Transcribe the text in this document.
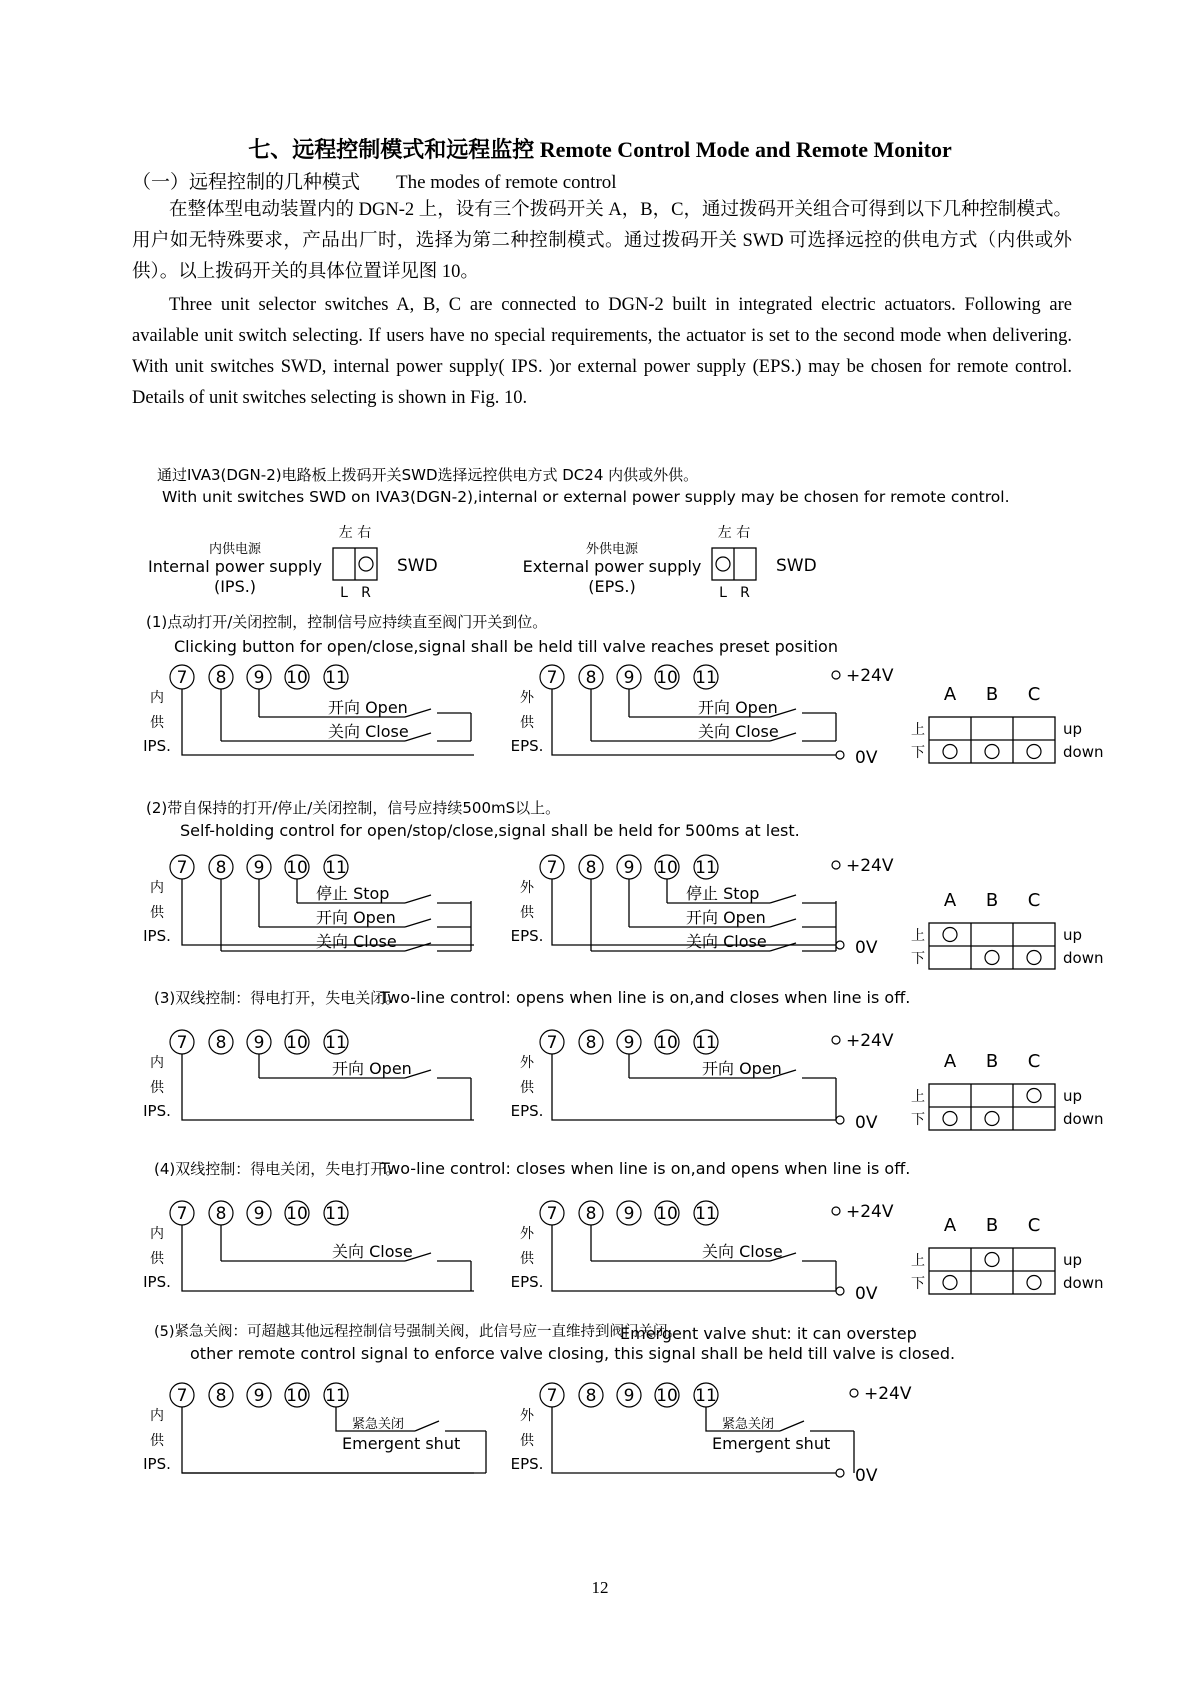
七、远程控制模式和远程监控 Remote Control Mode and Remote Monitor
（一）远程控制的几种模式 The modes of remote control

在整体型电动装置内的 DGN-2 上，设有三个拨码开关 A，B，C，通过拨码开关组合可得到以下几种控制模式。用户如无特殊要求，产品出厂时，选择为第二种控制模式。通过拨码开关 SWD 可选择远控的供电方式（内供或外供）。以上拨码开关的具体位置详见图 10。

Three unit selector switches A, B, C are connected to DGN-2 built in integrated electric actuators. Following are available unit switch selecting. If users have no special requirements, the actuator is set to the second mode when delivering. With unit switches SWD, internal power supply( IPS. )or external power supply (EPS.) may be chosen for remote control. Details of unit switches selecting is shown in Fig. 10.

通过IVA3(DGN-2)电路板上拨码开关SWD选择远控供电方式 DC24 内供或外供。
With unit switches SWD on IVA3(DGN-2),internal or external power supply may be chosen for remote control.
左 右
SWD
L R
内供电源
Internal power supply
(IPS.)
左 右
SWD
L R
外供电源
External power supply
(EPS.)
(1)点动打开/关闭控制，控制信号应持续直至阀门开关到位。
Clicking button for open/close,signal shall be held till valve reaches preset position
7 8 9 10 11
内
供
IPS.
开向 Open
关向 Close
7 8 9 10 11
外
供
EPS.
开向 Open
关向 Close
+24V
0V
A B C
上
下
up
down
(2)带自保持的打开/停止/关闭控制，信号应持续500mS以上。
Self-holding control for open/stop/close,signal shall be held for 500ms at lest.
7 8 9 10 11
内
供
IPS.
停止 Stop
开向 Open
关向 Close
7 8 9 10 11
外
供
EPS.
停止 Stop
开向 Open
关向 Close
+24V
0V
A B C
上
下
up
down
(3)双线控制：得电打开，失电关闭。
Two-line control: opens when line is on,and closes when line is off.
7 8 9 10 11
内
供
IPS.
开向 Open
7 8 9 10 11
外
供
EPS.
开向 Open
+24V
0V
A B C
上
下
up
down
(4)双线控制：得电关闭，失电打开。
Two-line control: closes when line is on,and opens when line is off.
7 8 9 10 11
内
供
IPS.
关向 Close
7 8 9 10 11
外
供
EPS.
关向 Close
+24V
0V
A B C
上
下
up
down
(5)紧急关阀：可超越其他远程控制信号强制关阀，此信号应一直维持到阀门关闭。
Emergent valve shut: it can overstep
other remote control signal to enforce valve closing, this signal shall be held till valve is closed.
7 8 9 10 11
内
供
IPS.
紧急关闭
Emergent shut
7 8 9 10 11
外
供
EPS.
紧急关闭
Emergent shut
+24V
0V
12
